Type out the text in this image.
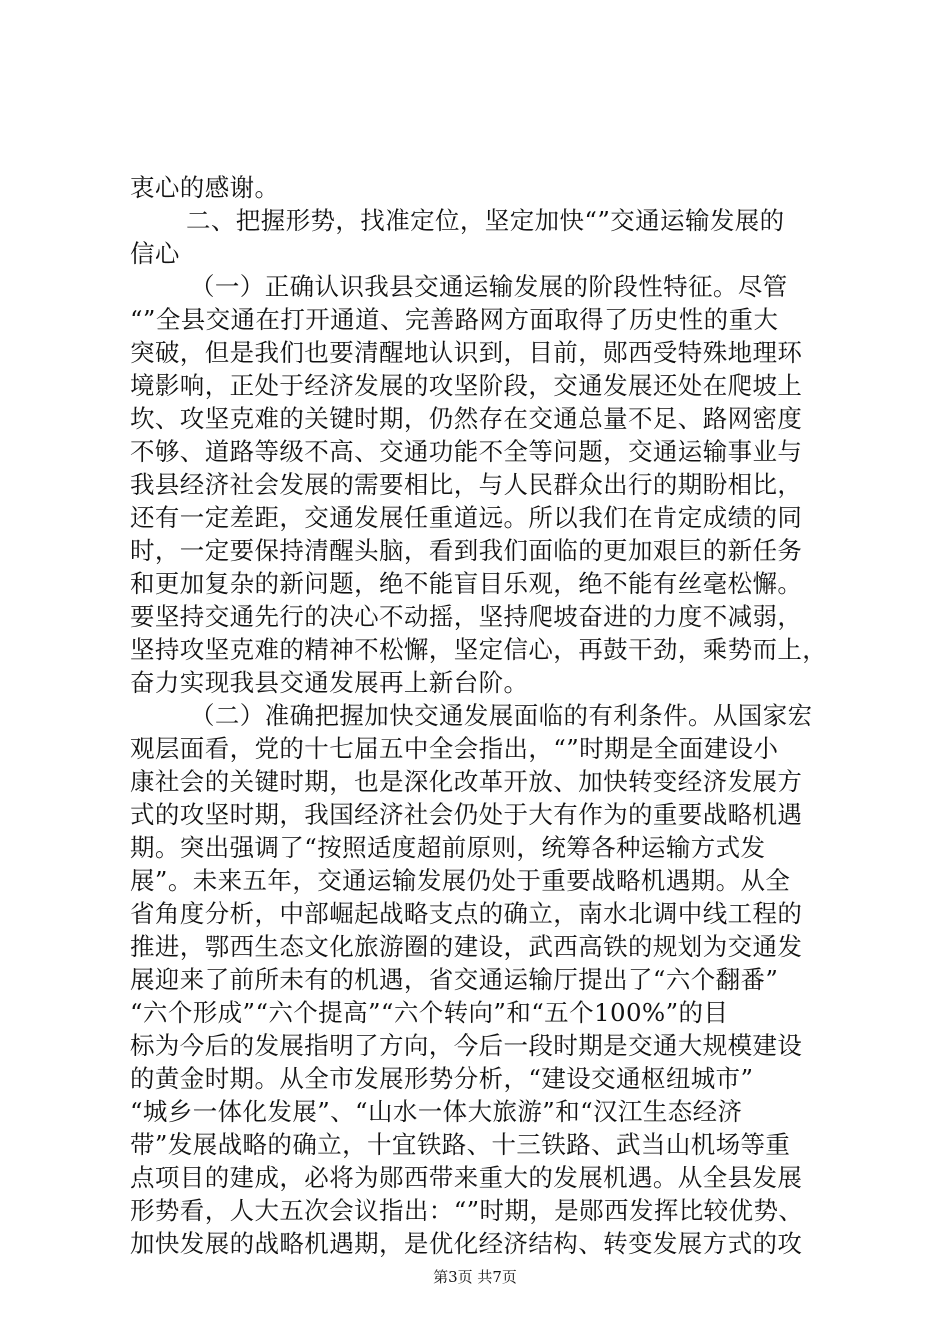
衷心的感谢。
二、把握形势，找准定位，坚定加快“”交通运输发展的
信心
（一）正确认识我县交通运输发展的阶段性特征。尽管
“”全县交通在打开通道、完善路网方面取得了历史性的重大
突破，但是我们也要清醒地认识到，目前，郧西受特殊地理环
境影响，正处于经济发展的攻坚阶段，交通发展还处在爬坡上
坎、攻坚克难的关键时期，仍然存在交通总量不足、路网密度
不够、道路等级不高、交通功能不全等问题，交通运输事业与
我县经济社会发展的需要相比，与人民群众出行的期盼相比，
还有一定差距，交通发展任重道远。所以我们在肯定成绩的同
时，一定要保持清醒头脑，看到我们面临的更加艰巨的新任务
和更加复杂的新问题，绝不能盲目乐观，绝不能有丝毫松懈。
要坚持交通先行的决心不动摇，坚持爬坡奋进的力度不减弱，
坚持攻坚克难的精神不松懈，坚定信心，再鼓干劲，乘势而上，
奋力实现我县交通发展再上新台阶。
（二）准确把握加快交通发展面临的有利条件。从国家宏
观层面看，党的十七届五中全会指出，“”时期是全面建设小
康社会的关键时期，也是深化改革开放、加快转变经济发展方
式的攻坚时期，我国经济社会仍处于大有作为的重要战略机遇
期。突出强调了“按照适度超前原则，统筹各种运输方式发
展”。未来五年，交通运输发展仍处于重要战略机遇期。从全
省角度分析，中部崛起战略支点的确立，南水北调中线工程的
推进，鄂西生态文化旅游圈的建设，武西高铁的规划为交通发
展迎来了前所未有的机遇，省交通运输厅提出了“六个翻番”
“六个形成”“六个提高”“六个转向”和“五个100%”的目
标为今后的发展指明了方向，今后一段时期是交通大规模建设
的黄金时期。从全市发展形势分析，“建设交通枢纽城市”
“城乡一体化发展”、“山水一体大旅游”和“汉江生态经济
带”发展战略的确立，十宜铁路、十三铁路、武当山机场等重
点项目的建成，必将为郧西带来重大的发展机遇。从全县发展
形势看，人大五次会议指出：“”时期，是郧西发挥比较优势、
加快发展的战略机遇期，是优化经济结构、转变发展方式的攻
第3页 共7页
